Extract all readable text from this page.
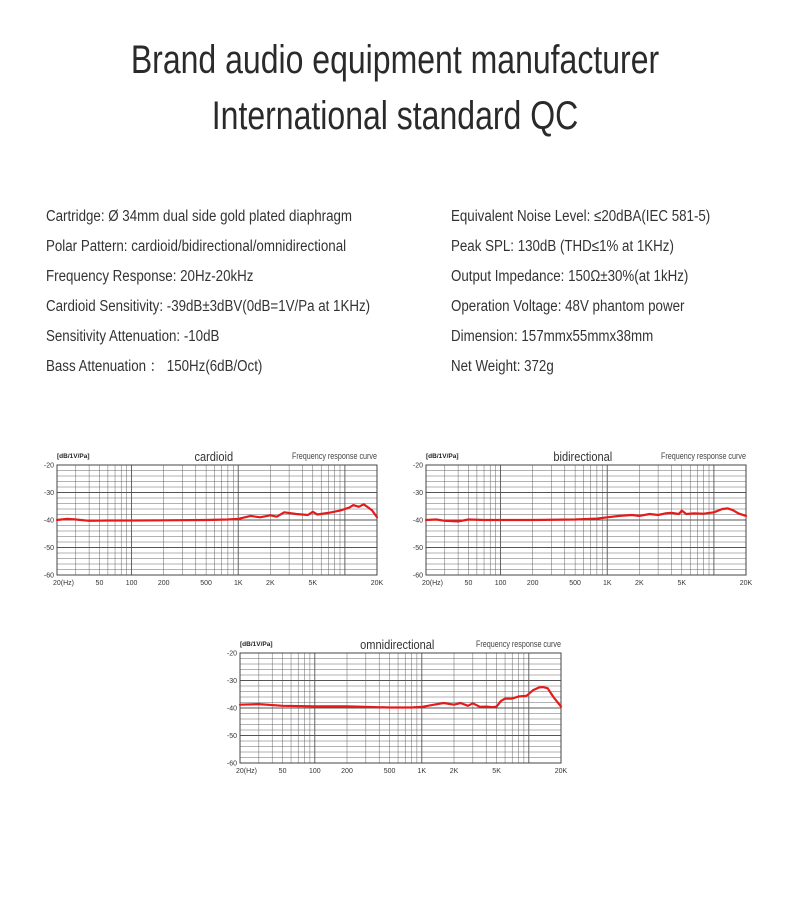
Brand audio equipment manufacturer
International standard QC
Cartridge: Ø 34mm dual side gold plated diaphragm
Polar Pattern: cardioid/bidirectional/omnidirectional
Frequency Response: 20Hz-20kHz
Cardioid Sensitivity: -39dB±3dBV(0dB=1V/Pa at 1KHz)
Sensitivity Attenuation: -10dB
Bass Attenuation ： 150Hz(6dB/Oct)
Equivalent Noise Level: ≤20dBA(IEC 581-5)
Peak SPL: 130dB (THD≤1% at 1KHz)
Output Impedance: 150Ω±30%(at 1kHz)
Operation Voltage: 48V phantom power
Dimension: 157mmx55mmx38mm
Net Weight: 372g
-20
-30
-40
-50
-60
20(Hz)	50	100	200	500	1K	2K	5K	20K
[dB/1V/Pa]	cardioid	Frequency response curve
-20
-30
-40
-50
-60
20(Hz)	50	100	200	500	1K	2K	5K	20K
[dB/1V/Pa]	bidirectional	Frequency response curve
-20
-30
-40
-50
-60
20(Hz)	50	100	200	500	1K	2K	5K	20K
[dB/1V/Pa]	omnidirectional	Frequency response curve
